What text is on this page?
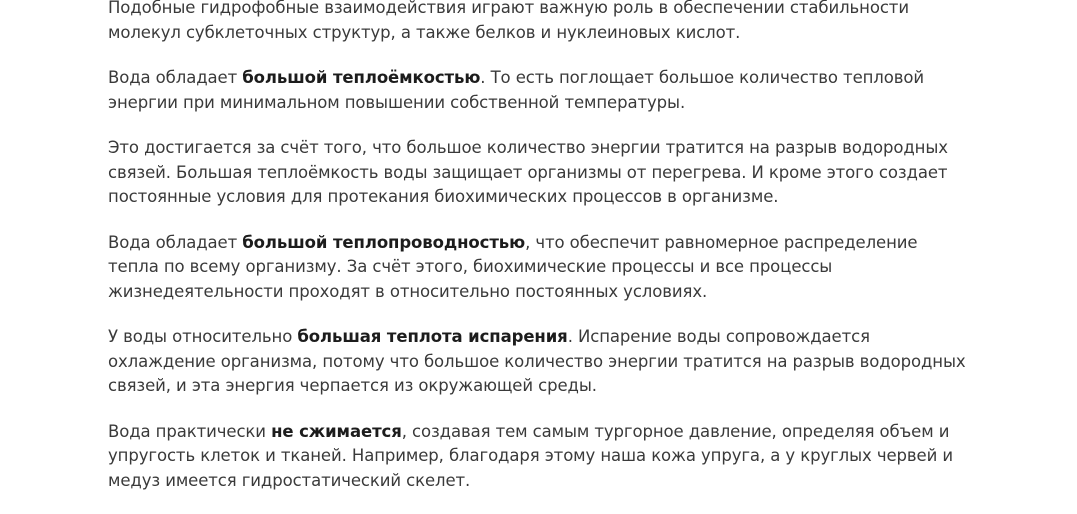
Подобные гидрофобные взаимодействия играют важную роль в обеспечении стабильности молекул субклеточных структур, а также белков и нуклеиновых кислот.

Вода обладает большой теплоёмкостью. То есть поглощает большое количество тепловой энергии при минимальном повышении собственной температуры.

Это достигается за счёт того, что большое количество энергии тратится на разрыв водородных связей. Большая теплоёмкость воды защищает организмы от перегрева. И кроме этого создает постоянные условия для протекания биохимических процессов в организме.

Вода обладает большой теплопроводностью, что обеспечит равномерное распределение тепла по всему организму. За счёт этого, биохимические процессы и все процессы жизнедеятельности проходят в относительно постоянных условиях.

У воды относительно большая теплота испарения. Испарение воды сопровождается охлаждение организма, потому что большое количество энергии тратится на разрыв водородных связей, и эта энергия черпается из окружающей среды.

Вода практически не сжимается, создавая тем самым тургорное давление, определяя объем и упругость клеток и тканей. Например, благодаря этому наша кожа упруга, а у круглых червей и медуз имеется гидростатический скелет.
